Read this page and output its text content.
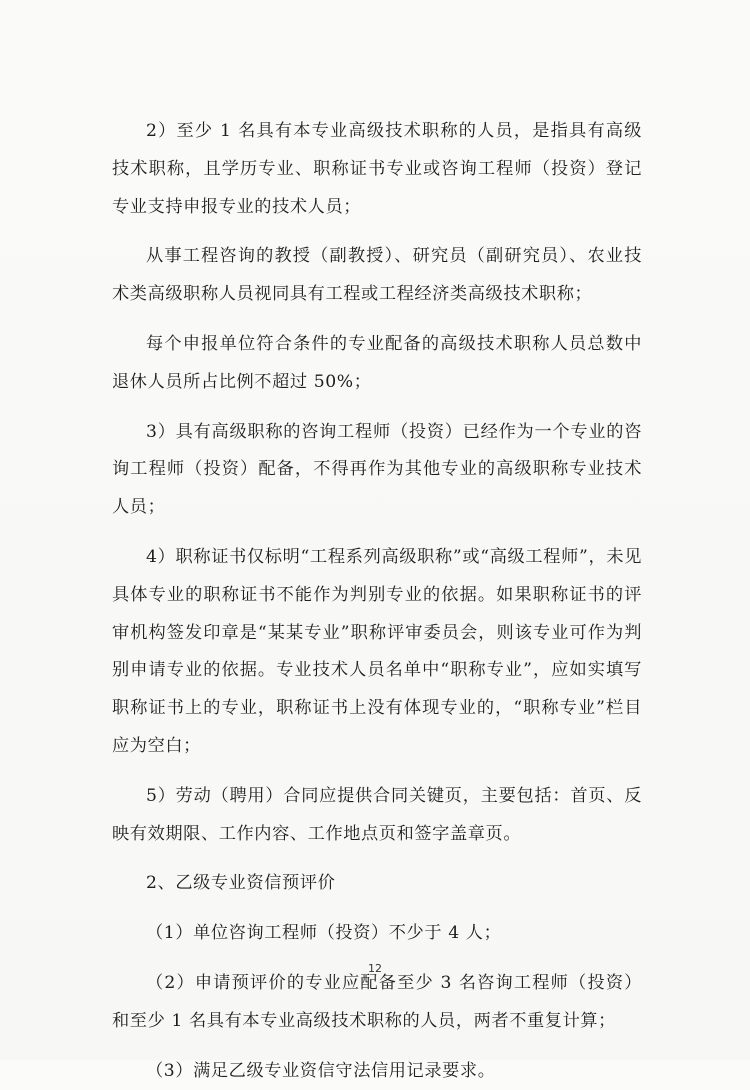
2）至少 1 名具有本专业高级技术职称的人员，是指具有高级技术职称，且学历专业、职称证书专业或咨询工程师（投资）登记专业支持申报专业的技术人员；

从事工程咨询的教授（副教授）、研究员（副研究员）、农业技术类高级职称人员视同具有工程或工程经济类高级技术职称；

每个申报单位符合条件的专业配备的高级技术职称人员总数中退休人员所占比例不超过 50%；

3）具有高级职称的咨询工程师（投资）已经作为一个专业的咨询工程师（投资）配备，不得再作为其他专业的高级职称专业技术人员；

4）职称证书仅标明“工程系列高级职称”或“高级工程师”，未见具体专业的职称证书不能作为判别专业的依据。如果职称证书的评审机构签发印章是“某某专业”职称评审委员会，则该专业可作为判别申请专业的依据。专业技术人员名单中“职称专业”，应如实填写职称证书上的专业，职称证书上没有体现专业的，“职称专业”栏目应为空白；

5）劳动（聘用）合同应提供合同关键页，主要包括：首页、反映有效期限、工作内容、工作地点页和签字盖章页。

2、乙级专业资信预评价

（1）单位咨询工程师（投资）不少于 4 人；

（2）申请预评价的专业应配备至少 3 名咨询工程师（投资）和至少 1 名具有本专业高级技术职称的人员，两者不重复计算；

（3）满足乙级专业资信守法信用记录要求。

12
